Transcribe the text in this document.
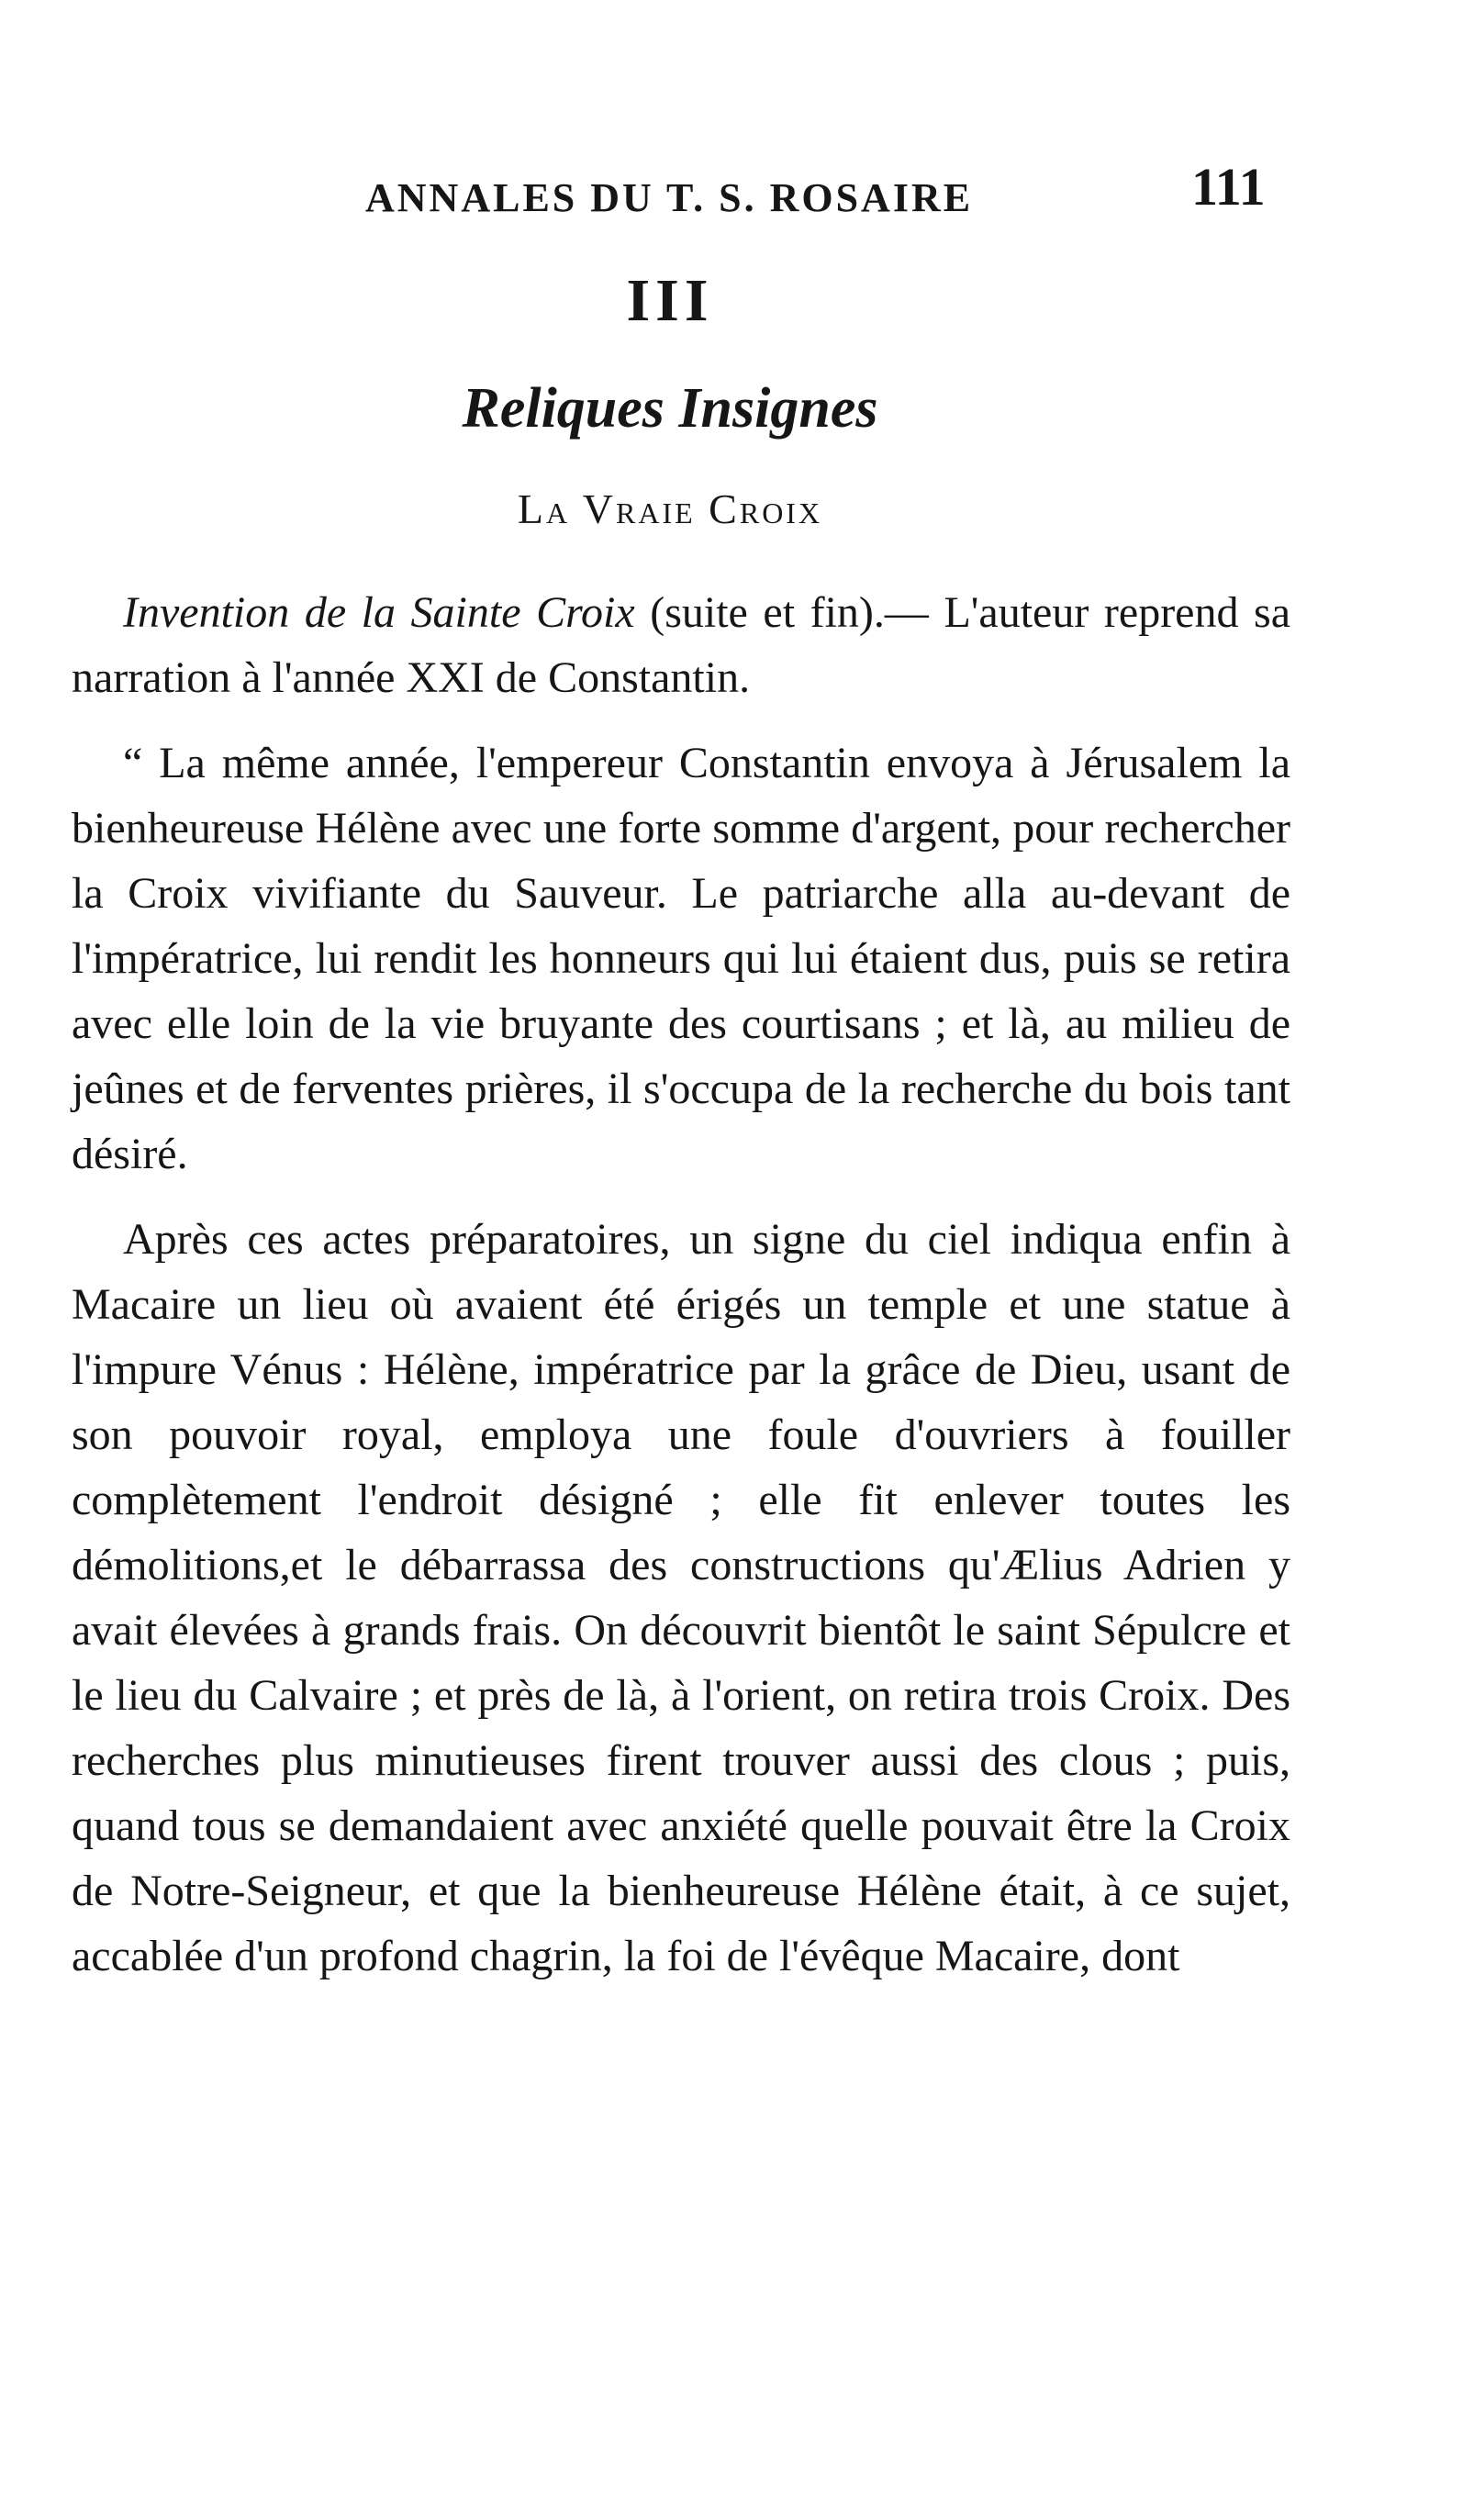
ANNALES DU T. S. ROSAIRE	111
III
Reliques Insignes
La Vraie Croix

Invention de la Sainte Croix (suite et fin).— L'auteur reprend sa narration à l'année XXI de Constantin.

“ La même année, l'empereur Constantin envoya à Jérusalem la bienheureuse Hélène avec une forte somme d'argent, pour rechercher la Croix vivifiante du Sauveur. Le patriarche alla au-devant de l'impératrice, lui rendit les honneurs qui lui étaient dus, puis se retira avec elle loin de la vie bruyante des courtisans ; et là, au milieu de jeûnes et de ferventes prières, il s'occupa de la recherche du bois tant désiré.

Après ces actes préparatoires, un signe du ciel indiqua enfin à Macaire un lieu où avaient été érigés un temple et une statue à l'impure Vénus : Hélène, impératrice par la grâce de Dieu, usant de son pouvoir royal, employa une foule d'ouvriers à fouiller complètement l'endroit désigné ; elle fit enlever toutes les démolitions,et le débarrassa des constructions qu'Ælius Adrien y avait élevées à grands frais. On découvrit bientôt le saint Sépulcre et le lieu du Calvaire ; et près de là, à l'orient, on retira trois Croix. Des recherches plus minutieuses firent trouver aussi des clous ; puis, quand tous se demandaient avec anxiété quelle pouvait être la Croix de Notre-Seigneur, et que la bienheureuse Hélène était, à ce sujet, accablée d'un profond chagrin, la foi de l'évêque Macaire, dont
